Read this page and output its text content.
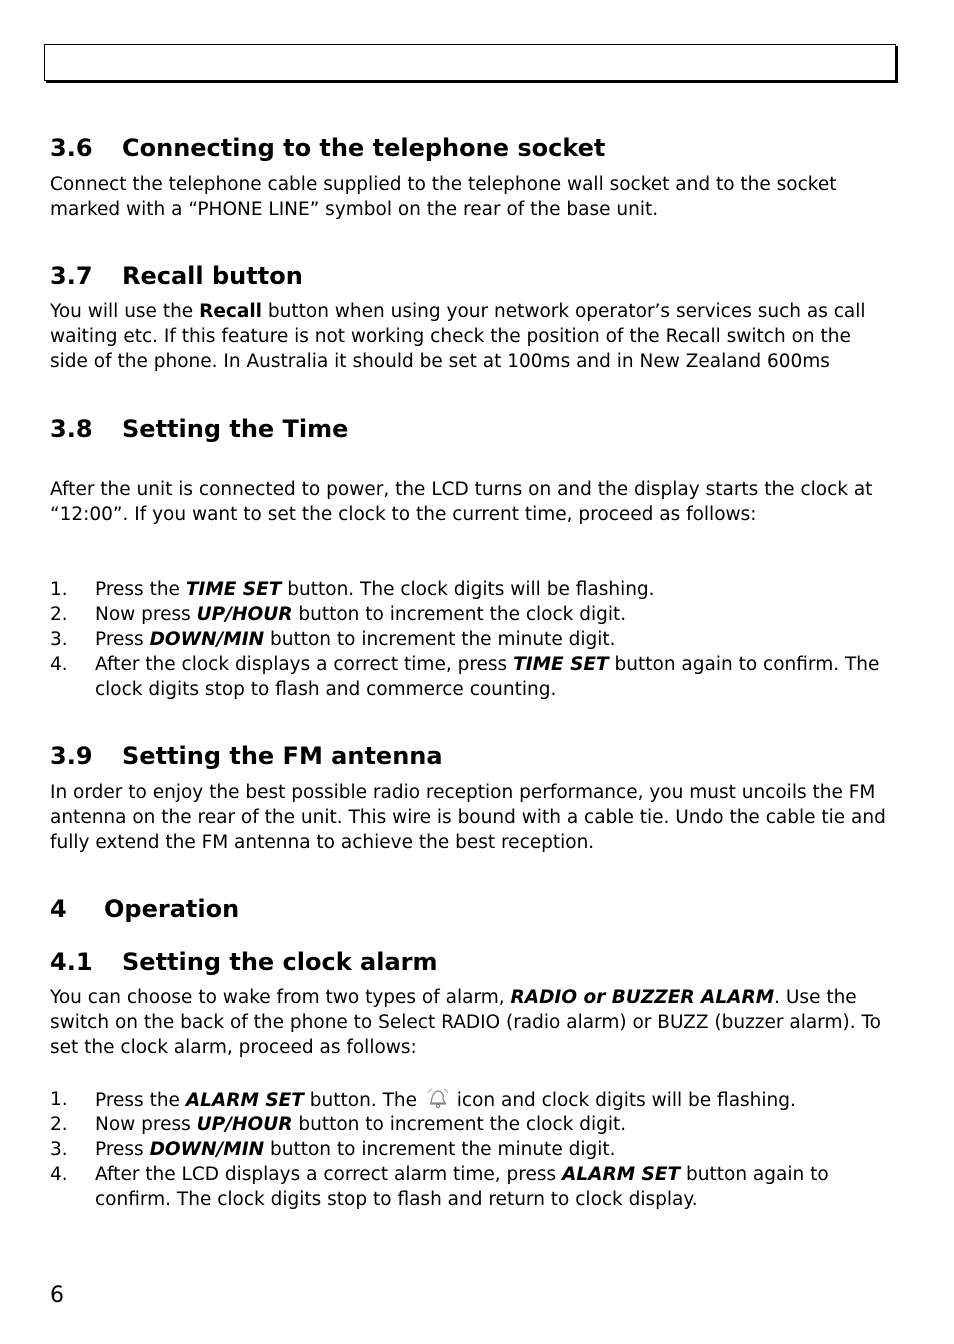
3.6 Connecting to the telephone socket

Connect the telephone cable supplied to the telephone wall socket and to the socket marked with a “PHONE LINE” symbol on the rear of the base unit.

3.7 Recall button

You will use the Recall button when using your network operator’s services such as call waiting etc. If this feature is not working check the position of the Recall switch on the side of the phone. In Australia it should be set at 100ms and in New Zealand 600ms

3.8 Setting the Time

After the unit is connected to power, the LCD turns on and the display starts the clock at “12:00”. If you want to set the clock to the current time, proceed as follows:

1. Press the TIME SET button. The clock digits will be flashing.
2. Now press UP/HOUR button to increment the clock digit.
3. Press DOWN/MIN button to increment the minute digit.
4. After the clock displays a correct time, press TIME SET button again to confirm. The clock digits stop to flash and commerce counting.
3.9 Setting the FM antenna

In order to enjoy the best possible radio reception performance, you must uncoils the FM antenna on the rear of the unit. This wire is bound with a cable tie. Undo the cable tie and fully extend the FM antenna to achieve the best reception.

4 Operation
4.1 Setting the clock alarm

You can choose to wake from two types of alarm, RADIO or BUZZER ALARM. Use the switch on the back of the phone to Select RADIO (radio alarm) or BUZZ (buzzer alarm). To set the clock alarm, proceed as follows:

1. Press the ALARM SET button. The  icon and clock digits will be flashing.
2. Now press UP/HOUR button to increment the clock digit.
3. Press DOWN/MIN button to increment the minute digit.
4. After the LCD displays a correct alarm time, press ALARM SET button again to confirm. The clock digits stop to flash and return to clock display.
6
